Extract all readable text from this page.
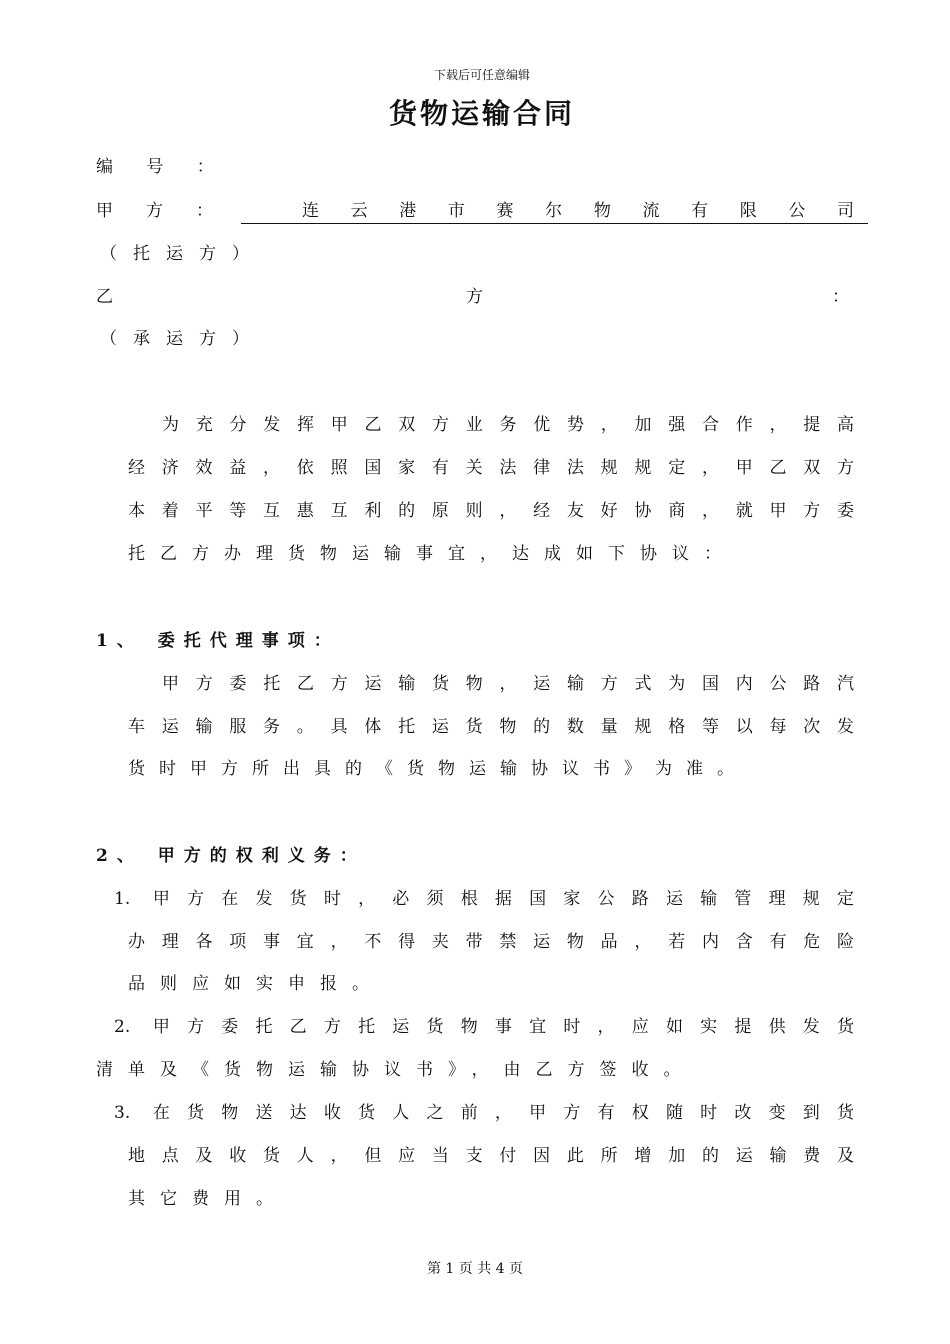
下载后可任意编辑
货物运输合同
编 号 ：
甲　方　：	连云港市赛尔物流有限公司
（托运方）
乙	方	：
（承运方）
为充分发挥甲乙双方业务优势，加强合作，提高
经济效益，依照国家有关法律法规规定，甲乙双方
本着平等互惠互利的原则，经友好协商，就甲方委
托乙方办理货物运输事宜，达成如下协议：
1、 委托代理事项：
甲方委托乙方运输货物，运输方式为国内公路汽
车运输服务。具体托运货物的数量规格等以每次发
货时甲方所出具的《货物运输协议书》为准。
2、 甲方的权利义务：
1. 甲方在发货时，必须根据国家公路运输管理规定
办理各项事宜，不得夹带禁运物品，若内含有危险
品则应如实申报。
2. 甲方委托乙方托运货物事宜时，应如实提供发货
清单及《货物运输协议书》，由乙方签收。
3. 在货物送达收货人之前，甲方有权随时改变到货
地点及收货人，但应当支付因此所增加的运输费及
其它费用。
第 1 页 共 4 页
